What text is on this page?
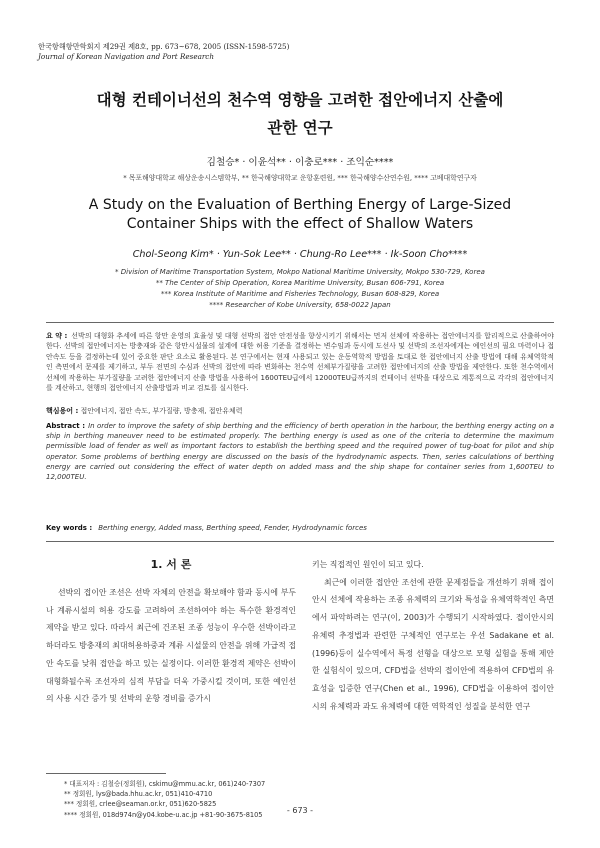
한국항해항만학회지 제29권 제8호, pp. 673~678, 2005 (ISSN-1598-5725)
Journal of Korean Navigation and Port Research
대형 컨테이너선의 천수역 영향을 고려한 접안에너지 산출에
관한 연구
김철승* · 이윤석** · 이충로*** · 조익순****
* 목포해양대학교 해상운송시스템학부, ** 한국해양대학교 운항훈련원, *** 한국해양수산연수원, **** 고베대학연구자
A Study on the Evaluation of Berthing Energy of Large-Sized
Container Ships with the effect of Shallow Waters
Chol-Seong Kim* · Yun-Sok Lee** · Chung-Ro Lee*** · Ik-Soon Cho****
* Division of Maritime Transportation System, Mokpo National Maritime University, Mokpo 530-729, Korea
** The Center of Ship Operation, Korea Maritime University, Busan 606-791, Korea
*** Korea Institute of Maritime and Fisheries Technology, Busan 608-829, Korea
**** Researcher of Kobe University, 658-0022 Japan
요 약 : 선박의 대형화 추세에 따른 항만 운영의 효율성 및 대형 선박의 접안 안전성을 향상시키기 위해서는 먼저 선체에 작용하는 접안에너지를 합리적으로 산출하여야 한다. 선박의 접안에너지는 방충재와 같은 항만시설물의 설계에 대한 허용 기준을 결정하는 변수임과 동시에 도선사 및 선박의 조선자에게는 예인선의 필요 마력이나 접안속도 등을 결정하는데 있어 중요한 판단 요소로 활용된다. 본 연구에서는 현재 사용되고 있는 운동역학적 방법을 토대로 한 접안에너지 산출 방법에 대해 유체역학적인 측면에서 문제를 제기하고, 부두 전면의 수심과 선박의 접안에 따라 변화하는 천수역 선체부가질량을 고려한 접안에너지의 산출 방법을 제안한다. 또한 천수역에서 선체에 작용하는 부가질량을 고려한 접안에너지 산출 방법을 사용하여 1600TEU급에서 12000TEU급까지의 컨테이너 선박을 대상으로 계통적으로 각각의 접안에너지를 계산하고, 현행의 접안에너지 산출방법과 비교 검토를 실시한다.
핵심용어 : 접안에너지, 접안 속도, 부가질량, 방충재, 접안유체력
Abstract : In order to improve the safety of ship berthing and the efficiency of berth operation in the harbour, the berthing energy acting on a ship in berthing maneuver need to be estimated properly. The berthing energy is used as one of the criteria to determine the maximum permissible load of fender as well as important factors to establish the berthing speed and the required power of tug-boat for pilot and ship operator. Some problems of berthing energy are discussed on the basis of the hydrodynamic aspects. Then, series calculations of berthing energy are carried out considering the effect of water depth on added mass and the ship shape for container series from 1,600TEU to 12,000TEU.
Key words : Berthing energy, Added mass, Berthing speed, Fender, Hydrodynamic forces
1. 서 론

선박의 접이안 조선은 선박 자체의 안전을 확보해야 함과 동시에 부두나 계류시설의 허용 강도를 고려하여 조선하여야 하는 특수한 환경적인 제약을 받고 있다. 따라서 최근에 건조된 조종 성능이 우수한 선박이라고 하더라도 방충재의 최대허용하중과 계류 시설물의 안전을 위해 가급적 접안 속도를 낮춰 접안을 하고 있는 실정이다. 이러한 환경적 제약은 선박이 대형화될수록 조선자의 심적 부담을 더욱 가중시킬 것이며, 또한 예인선의 사용 시간 증가 및 선박의 운항 경비를 증가시

키는 직접적인 원인이 되고 있다.

최근에 이러한 접안안 조선에 관한 문제점들을 개선하기 위해 접이안시 선체에 작용하는 조종 유체력의 크기와 특성을 유체역학적인 측면에서 파악하려는 연구(이, 2003)가 수행되기 시작하였다. 접이안시의 유체력 추정법과 관련한 구체적인 연구로는 우선 Sadakane et al.(1996)등이 실수역에서 특정 선형을 대상으로 모형 실험을 통해 제안한 실험식이 있으며, CFD법을 선박의 접이안에 적용하여 CFD법의 유효성을 입증한 연구(Chen et al., 1996), CFD법을 이용하여 접이안시의 유체력과 과도 유체력에 대한 역학적인 성질을 분석한 연구

* 대표저자 : 김철승(정회원), cskimu@mmu.ac.kr, 061)240-7307
** 정회원, lys@bada.hhu.ac.kr, 051)410-4710
*** 정회원, crlee@seaman.or.kr, 051)620-5825
**** 정회원, 018d974n@y04.kobe-u.ac.jp +81-90-3675-8105	- 673 -
